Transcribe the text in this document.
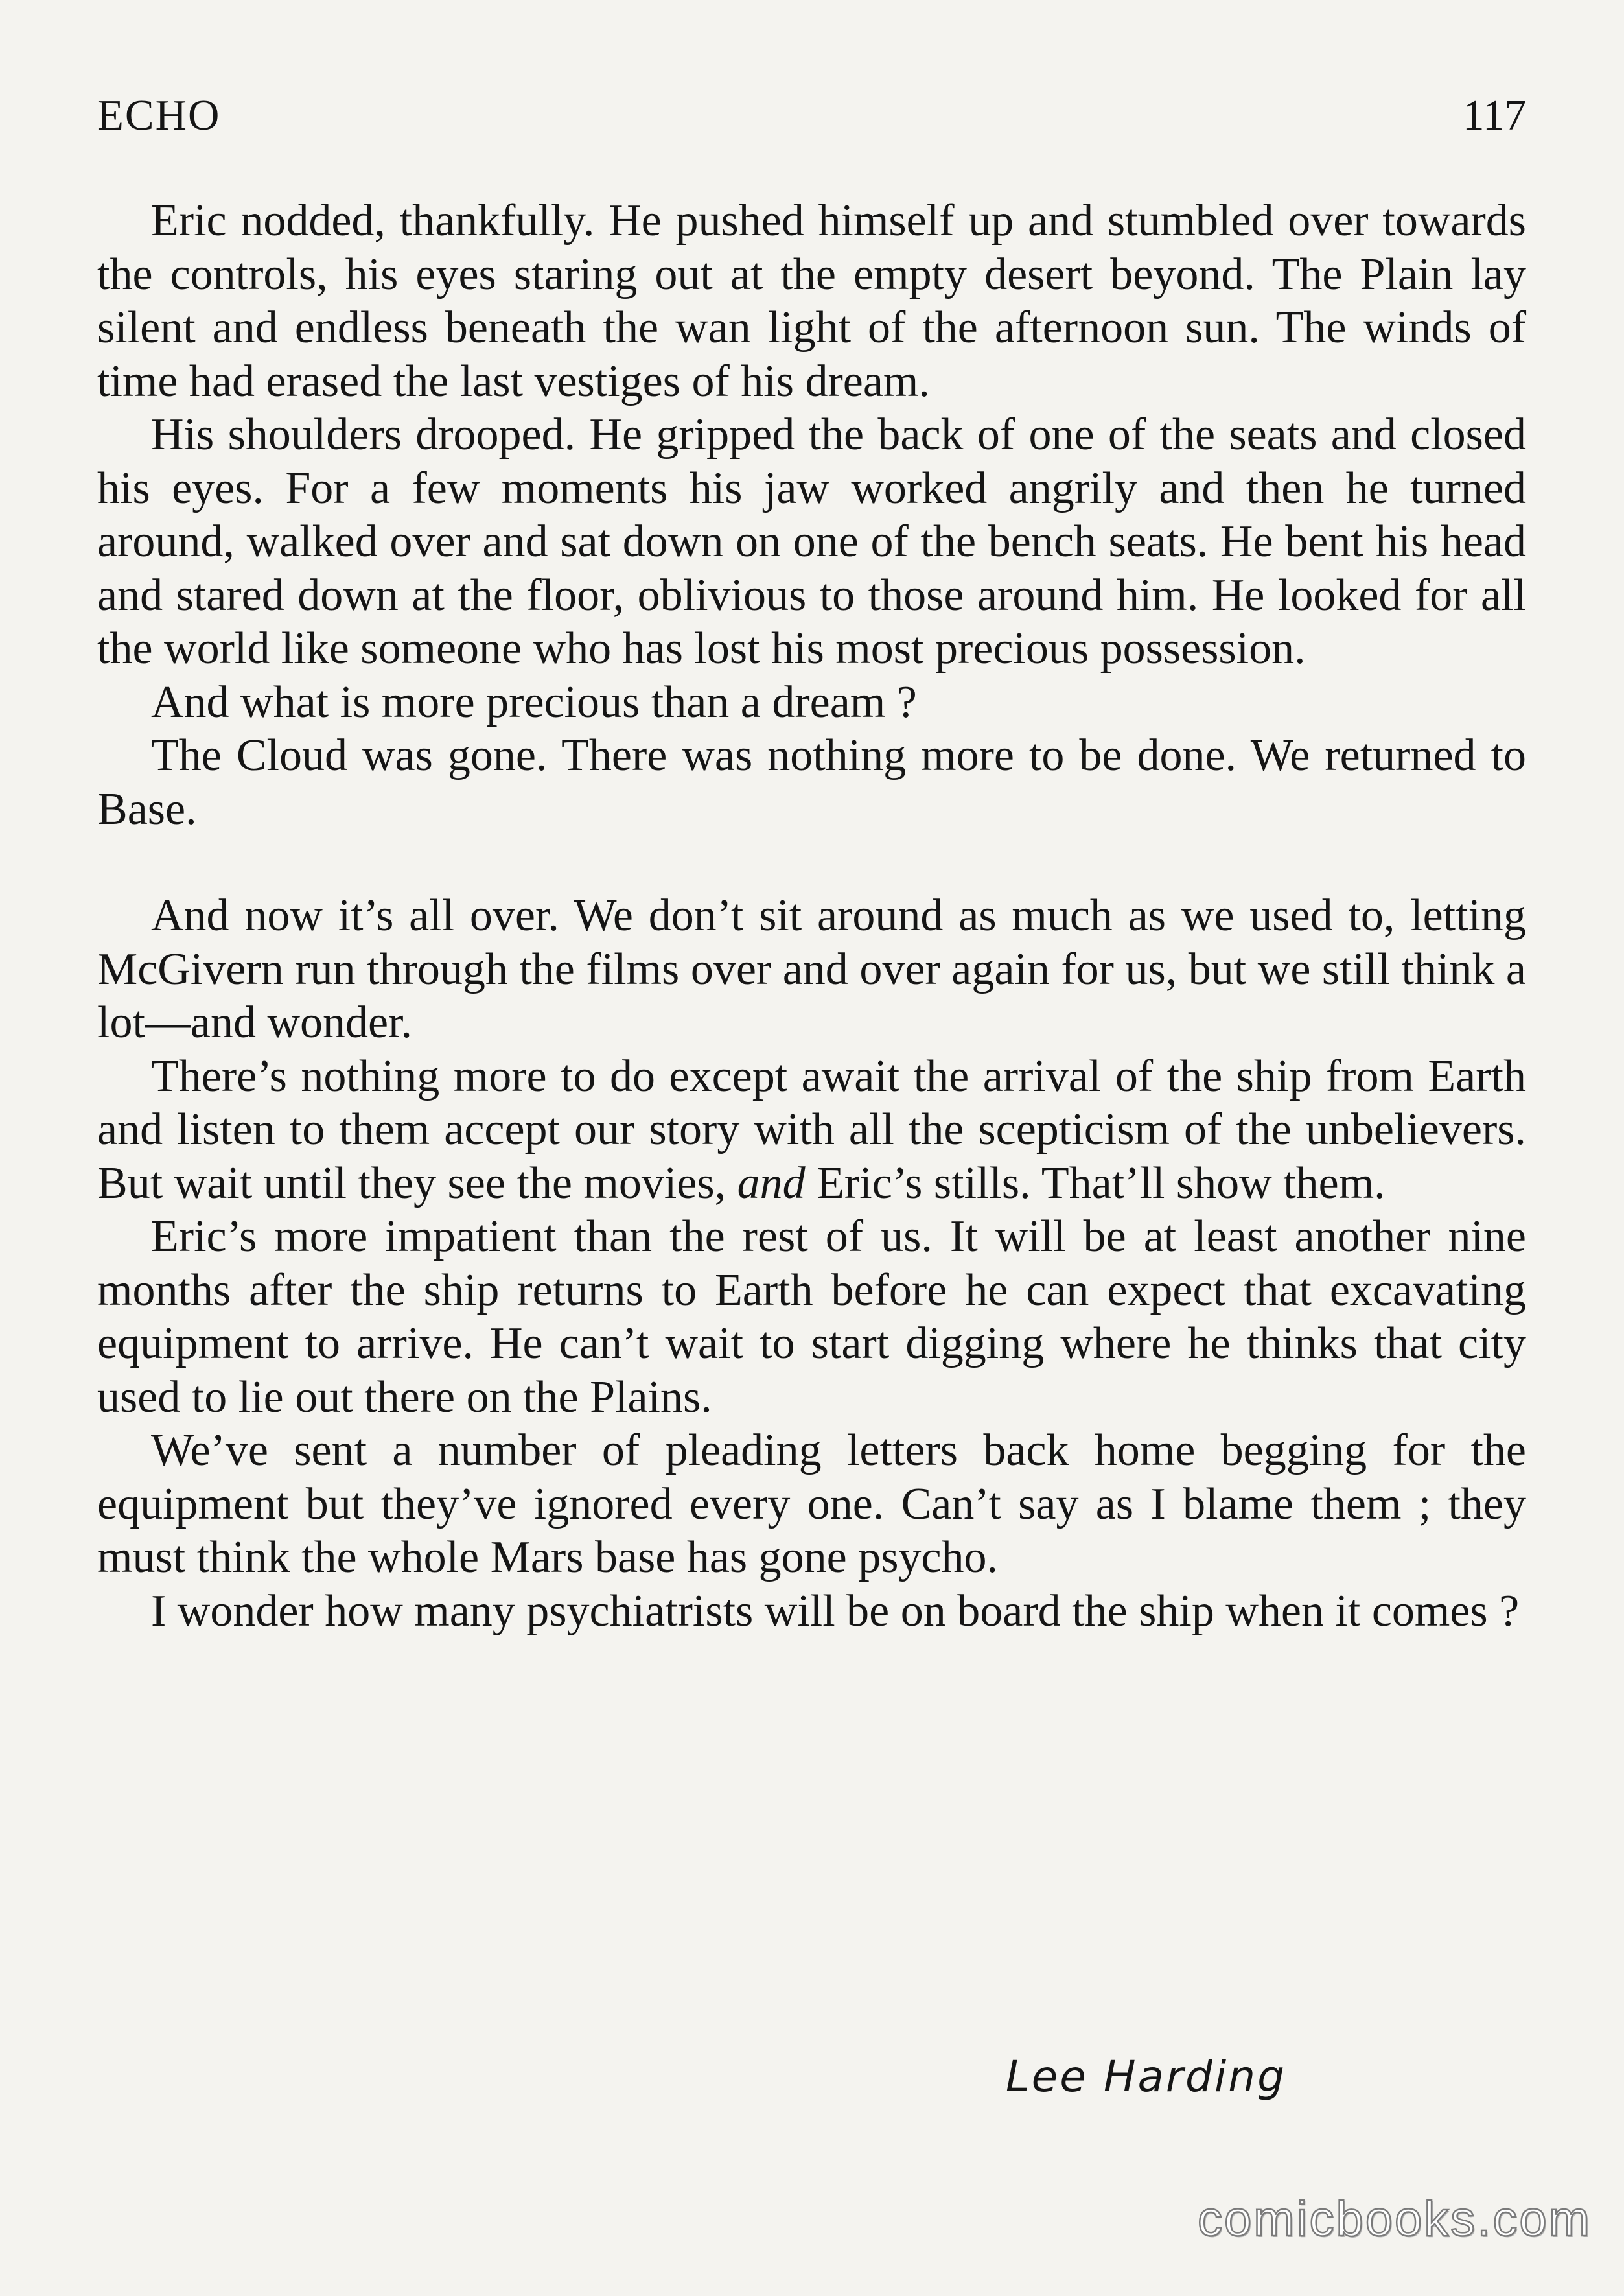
ECHO	117

Eric nodded, thankfully. He pushed himself up and stumbled over towards the controls, his eyes staring out at the empty desert beyond. The Plain lay silent and endless beneath the wan light of the afternoon sun. The winds of time had erased the last vestiges of his dream.

His shoulders drooped. He gripped the back of one of the seats and closed his eyes. For a few moments his jaw worked angrily and then he turned around, walked over and sat down on one of the bench seats. He bent his head and stared down at the floor, oblivious to those around him. He looked for all the world like someone who has lost his most precious possession.

And what is more precious than a dream ?

The Cloud was gone. There was nothing more to be done. We returned to Base.

And now it’s all over. We don’t sit around as much as we used to, letting McGivern run through the films over and over again for us, but we still think a lot—and wonder.

There’s nothing more to do except await the arrival of the ship from Earth and listen to them accept our story with all the scepticism of the unbelievers. But wait until they see the movies, and Eric’s stills. That’ll show them.

Eric’s more impatient than the rest of us. It will be at least another nine months after the ship returns to Earth before he can expect that excavating equipment to arrive. He can’t wait to start digging where he thinks that city used to lie out there on the Plains.

We’ve sent a number of pleading letters back home begging for the equipment but they’ve ignored every one. Can’t say as I blame them ; they must think the whole Mars base has gone psycho.

I wonder how many psychiatrists will be on board the ship when it comes ?

Lee Harding
comicbooks.com
